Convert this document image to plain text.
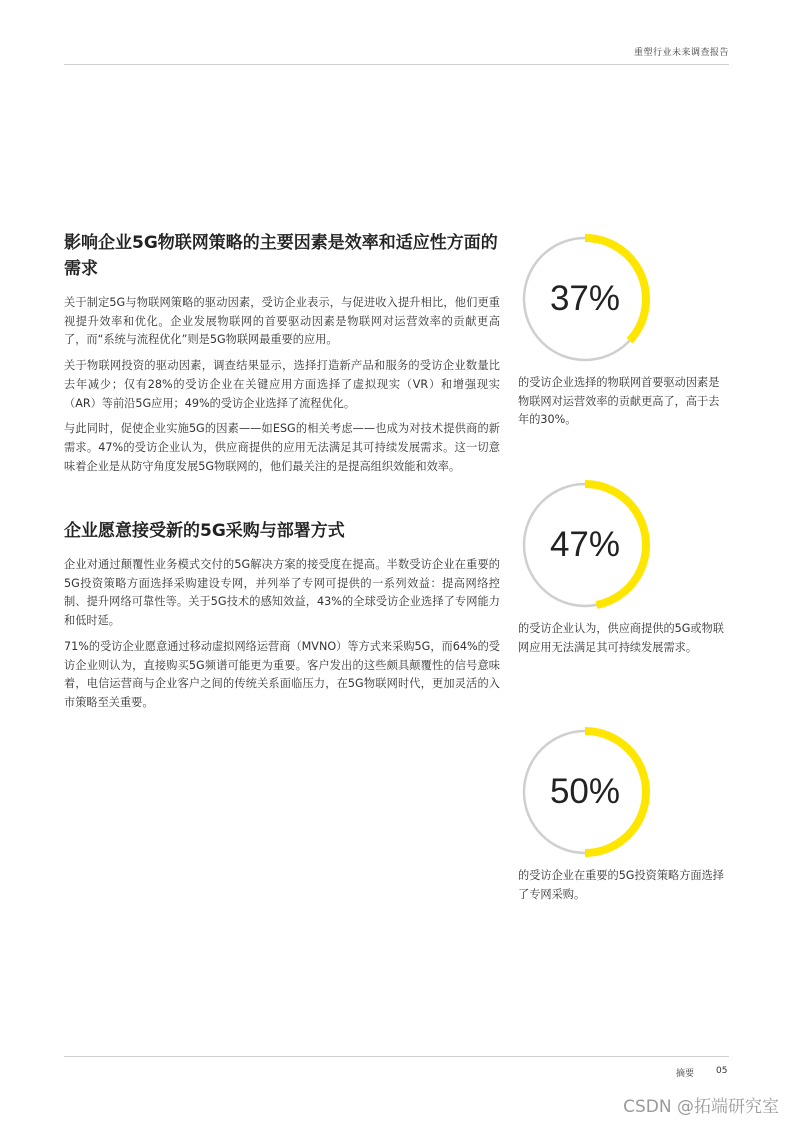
重塑行业未来调查报告
影响企业5G物联网策略的主要因素是效率和适应性方面的需求

关于制定5G与物联网策略的驱动因素，受访企业表示，与促进收入提升相比，他们更重视提升效率和优化。企业发展物联网的首要驱动因素是物联网对运营效率的贡献更高了，而“系统与流程优化”则是5G物联网最重要的应用。

关于物联网投资的驱动因素，调查结果显示，选择打造新产品和服务的受访企业数量比去年减少；仅有28%的受访企业在关键应用方面选择了虚拟现实（VR）和增强现实（AR）等前沿5G应用；49%的受访企业选择了流程优化。

与此同时，促使企业实施5G的因素——如ESG的相关考虑——也成为对技术提供商的新需求。47%的受访企业认为，供应商提供的应用无法满足其可持续发展需求。这一切意味着企业是从防守角度发展5G物联网的，他们最关注的是提高组织效能和效率。

企业愿意接受新的5G采购与部署方式

企业对通过颠覆性业务模式交付的5G解决方案的接受度在提高。半数受访企业在重要的5G投资策略方面选择采购建设专网，并列举了专网可提供的一系列效益：提高网络控制、提升网络可靠性等。关于5G技术的感知效益，43%的全球受访企业选择了专网能力和低时延。

71%的受访企业愿意通过移动虚拟网络运营商（MVNO）等方式来采购5G，而64%的受访企业则认为，直接购买5G频谱可能更为重要。客户发出的这些颇具颠覆性的信号意味着，电信运营商与企业客户之间的传统关系面临压力，在5G物联网时代，更加灵活的入市策略至关重要。

37%
的受访企业选择的物联网首要驱动因素是物联网对运营效率的贡献更高了，高于去年的30%。
47%
的受访企业认为，供应商提供的5G或物联网应用无法满足其可持续发展需求。
50%
的受访企业在重要的5G投资策略方面选择了专网采购。
摘要 05
CSDN @拓端研究室
